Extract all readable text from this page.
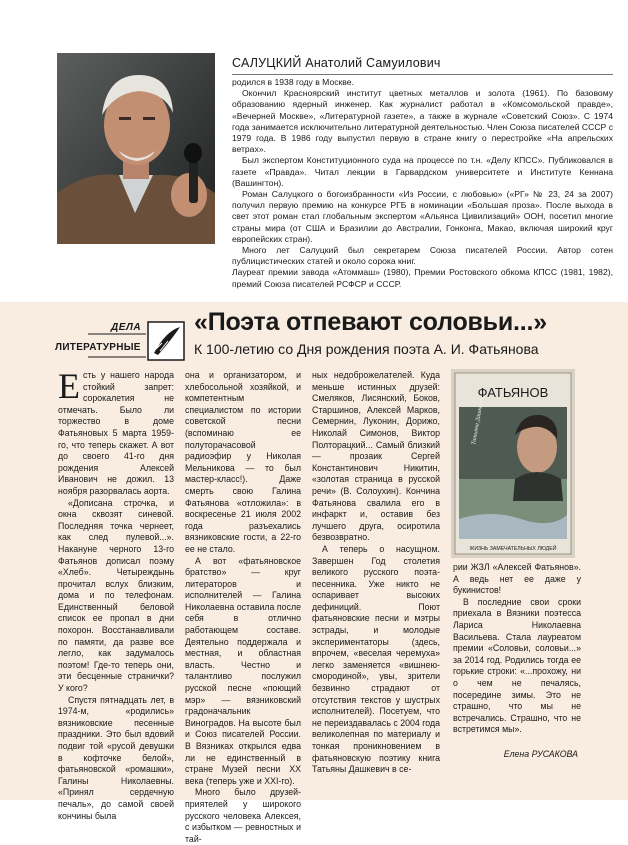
САЛУЦКИЙ Анатолий Самуилович

родился в 1938 году в Москве.

Окончил Красноярский институт цветных металлов и золота (1961). По базовому образованию ядерный инженер. Как журналист работал в «Комсомольской правде», «Вечерней Москве», «Литературной газете», а также в журнале «Советский Союз». С 1974 года занимается исключительно литературной деятельностью. Член Союза писателей СССР с 1979 года. В 1986 году выпустил первую в стране книгу о перестройке «На апрельских ветрах».

Был экспертом Конституционного суда на процессе по т.н. «Делу КПСС». Публиковался в газете «Правда». Читал лекции в Гарвардском университете и Институте Кеннана (Вашингтон).

Роман Салуцкого о богоизбранности «Из России, с любовью» («РГ» № 23, 24 за 2007) получил первую премию на конкурсе РГБ в номинации «Большая проза». После выхода в свет этот роман стал глобальным экспертом «Альянса Цивилизаций» ООН, посетил многие страны мира (от США и Бразилии до Австралии, Гонконга, Макао, включая широкий круг европейских стран).

Много лет Салуцкий был секретарем Союза писателей России. Автор сотен публицистических статей и около сорока книг.

Лауреат премии завода «Атоммаш» (1980), Премии Ростовского обкома КПСС (1981, 1982), премий Союза писателей РСФСР и СССР.

ДЕЛА
ЛИТЕРАТУРНЫЕ
«Поэта отпевают соловьи...»
К 100-летию со Дня рождения поэта А. И. Фатьянова

Есть у нашего народа стойкий запрет: сорокалетия не отмечать. Было ли торжество в доме Фатьяновых 5 марта 1959-го, что теперь скажет. А вот до своего 41-го дня рождения Алексей Иванович не дожил. 13 ноября разорвалась аорта.

«Дописана строчка, и окна сквозят синевой. Последняя точка чернеет, как след пулевой...». Накануне черного 13-го Фатьянов дописал поэму «Хлеб». Четыреждынь прочитал вслух близким, дома и по телефонам. Единственный беловой список ее пропал в дни похорон. Восстанавливали по памяти, да разве все легло, как задумалось поэтом! Где-то теперь они, эти бесценные странички? У кого?

Спустя пятнадцать лет, в 1974-м, «родились» вязниковские песенные праздники. Это был вдовий подвиг той «русой девушки в кофточке белой», фатьяновской «ромашки», Галины Николаевны. «Принял сердечную печаль», до самой своей кончины была

она и организатором, и хлебосольной хозяйкой, и компетентным специалистом по истории советской песни (вспоминаю ее полуторачасовой радиоэфир у Николая Мельникова — то был мастер-класс!). Даже смерть свою Галина Фатьянова «отложила»: в воскресенье 21 июля 2002 года разъехались вязниковские гости, а 22-го ее не стало.

А вот «фатьяновское братство» — круг литераторов и исполнителей — Галина Николаевна оставила после себя в отлично работающем составе. Деятельно поддержала и местная, и областная власть. Честно и талантливо послужил русской песне «поющий мэр» — вязниковский градоначальник Виноградов. На высоте был и Союз писателей России. В Вязниках открылся едва ли не единственный в стране Музей песни XX века (теперь уже и XXI-го).

Много было друзей-приятелей у широкого русского человека Алексея, с избытком — ревностных и тай-

ных недоброжелателей. Куда меньше истинных друзей: Смеляков, Лисянский, Боков, Старшинов, Алексей Марков, Семернин, Луконин, Дорижо, Николай Симонов, Виктор Полторацкий... Самый близкий — прозаик Сергей Константинович Никитин, «золотая страница в русской речи» (В. Солоухин). Кончина Фатьянова свалила его в инфаркт и, оставив без лучшего друга, осиротила безвозвратно.

А теперь о насущном. Завершен Год столетия великого русского поэта-песенника. Уже никто не оспаривает высоких дефиниций. Поют фатьяновские песни и мэтры эстрады, и молодые экспериментаторы (здесь, впрочем, «веселая черемуха» легко заменяется «вишнею-смородиной», увы, зрители безвинно страдают от отсутствия текстов у шустрых исполнителей). Посетуем, что не переиздавалась с 2004 года великолепная по материалу и тонкая проникновением в фатьяновскую поэтику книга Татьяны Дашкевич в се-

ФАТЬЯНОВ
Татьяна Дашкевич
ЖИЗНЬ ЗАМЕЧАТЕЛЬНЫХ ЛЮДЕЙ

рии ЖЗЛ «Алексей Фатьянов». А ведь нет ее даже у букинистов!

В последние свои сроки приехала в Вязники поэтесса Лариса Николаевна Васильева. Стала лауреатом премии «Соловьи, соловьи...» за 2014 год. Родились тогда ее горькие строки: «...прохожу, ни о чем не печалясь, посередине зимы. Это не страшно, что мы не встречались. Страшно, что не встретимся мы».

Елена РУСАКОВА
